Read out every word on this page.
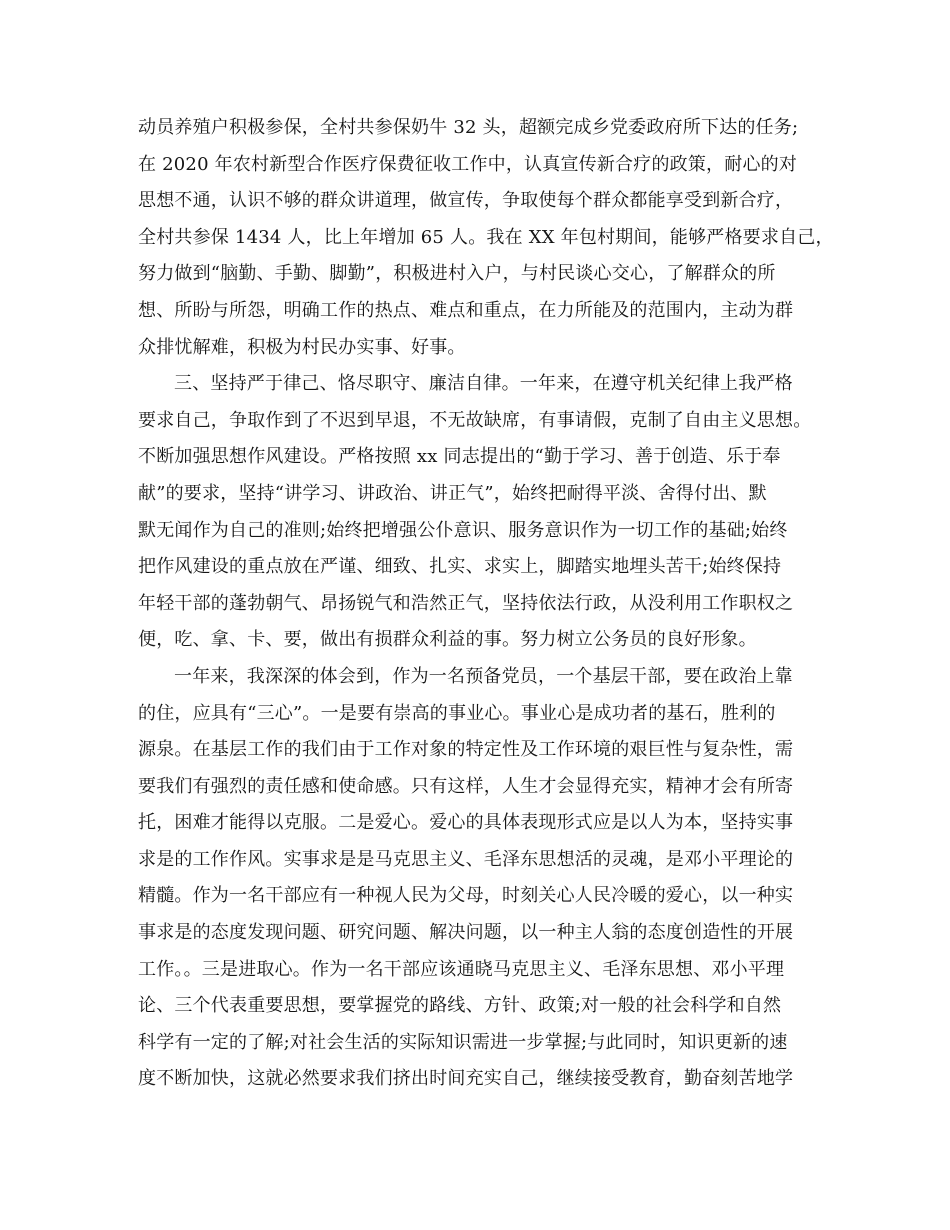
动员养殖户积极参保，全村共参保奶牛 32 头，超额完成乡党委政府所下达的任务;
在 2020 年农村新型合作医疗保费征收工作中，认真宣传新合疗的政策，耐心的对
思想不通，认识不够的群众讲道理，做宣传，争取使每个群众都能享受到新合疗，
全村共参保 1434 人，比上年增加 65 人。我在 XX 年包村期间，能够严格要求自己，
努力做到“脑勤、手勤、脚勤”，积极进村入户，与村民谈心交心，了解群众的所
想、所盼与所怨，明确工作的热点、难点和重点，在力所能及的范围内，主动为群
众排忧解难，积极为村民办实事、好事。
三、坚持严于律己、恪尽职守、廉洁自律。一年来，在遵守机关纪律上我严格
要求自己，争取作到了不迟到早退，不无故缺席，有事请假，克制了自由主义思想。
不断加强思想作风建设。严格按照 xx 同志提出的“勤于学习、善于创造、乐于奉
献”的要求，坚持“讲学习、讲政治、讲正气”，始终把耐得平淡、舍得付出、默
默无闻作为自己的准则;始终把增强公仆意识、服务意识作为一切工作的基础;始终
把作风建设的重点放在严谨、细致、扎实、求实上，脚踏实地埋头苦干;始终保持
年轻干部的蓬勃朝气、昂扬锐气和浩然正气，坚持依法行政，从没利用工作职权之
便，吃、拿、卡、要，做出有损群众利益的事。努力树立公务员的良好形象。
一年来，我深深的体会到，作为一名预备党员，一个基层干部，要在政治上靠
的住，应具有“三心”。一是要有崇高的事业心。事业心是成功者的基石，胜利的
源泉。在基层工作的我们由于工作对象的特定性及工作环境的艰巨性与复杂性，需
要我们有强烈的责任感和使命感。只有这样，人生才会显得充实，精神才会有所寄
托，困难才能得以克服。二是爱心。爱心的具体表现形式应是以人为本，坚持实事
求是的工作作风。实事求是是马克思主义、毛泽东思想活的灵魂，是邓小平理论的
精髓。作为一名干部应有一种视人民为父母，时刻关心人民冷暖的爱心，以一种实
事求是的态度发现问题、研究问题、解决问题，以一种主人翁的态度创造性的开展
工作。。三是进取心。作为一名干部应该通晓马克思主义、毛泽东思想、邓小平理
论、三个代表重要思想，要掌握党的路线、方针、政策;对一般的社会科学和自然
科学有一定的了解;对社会生活的实际知识需进一步掌握;与此同时，知识更新的速
度不断加快，这就必然要求我们挤出时间充实自己，继续接受教育，勤奋刻苦地学
